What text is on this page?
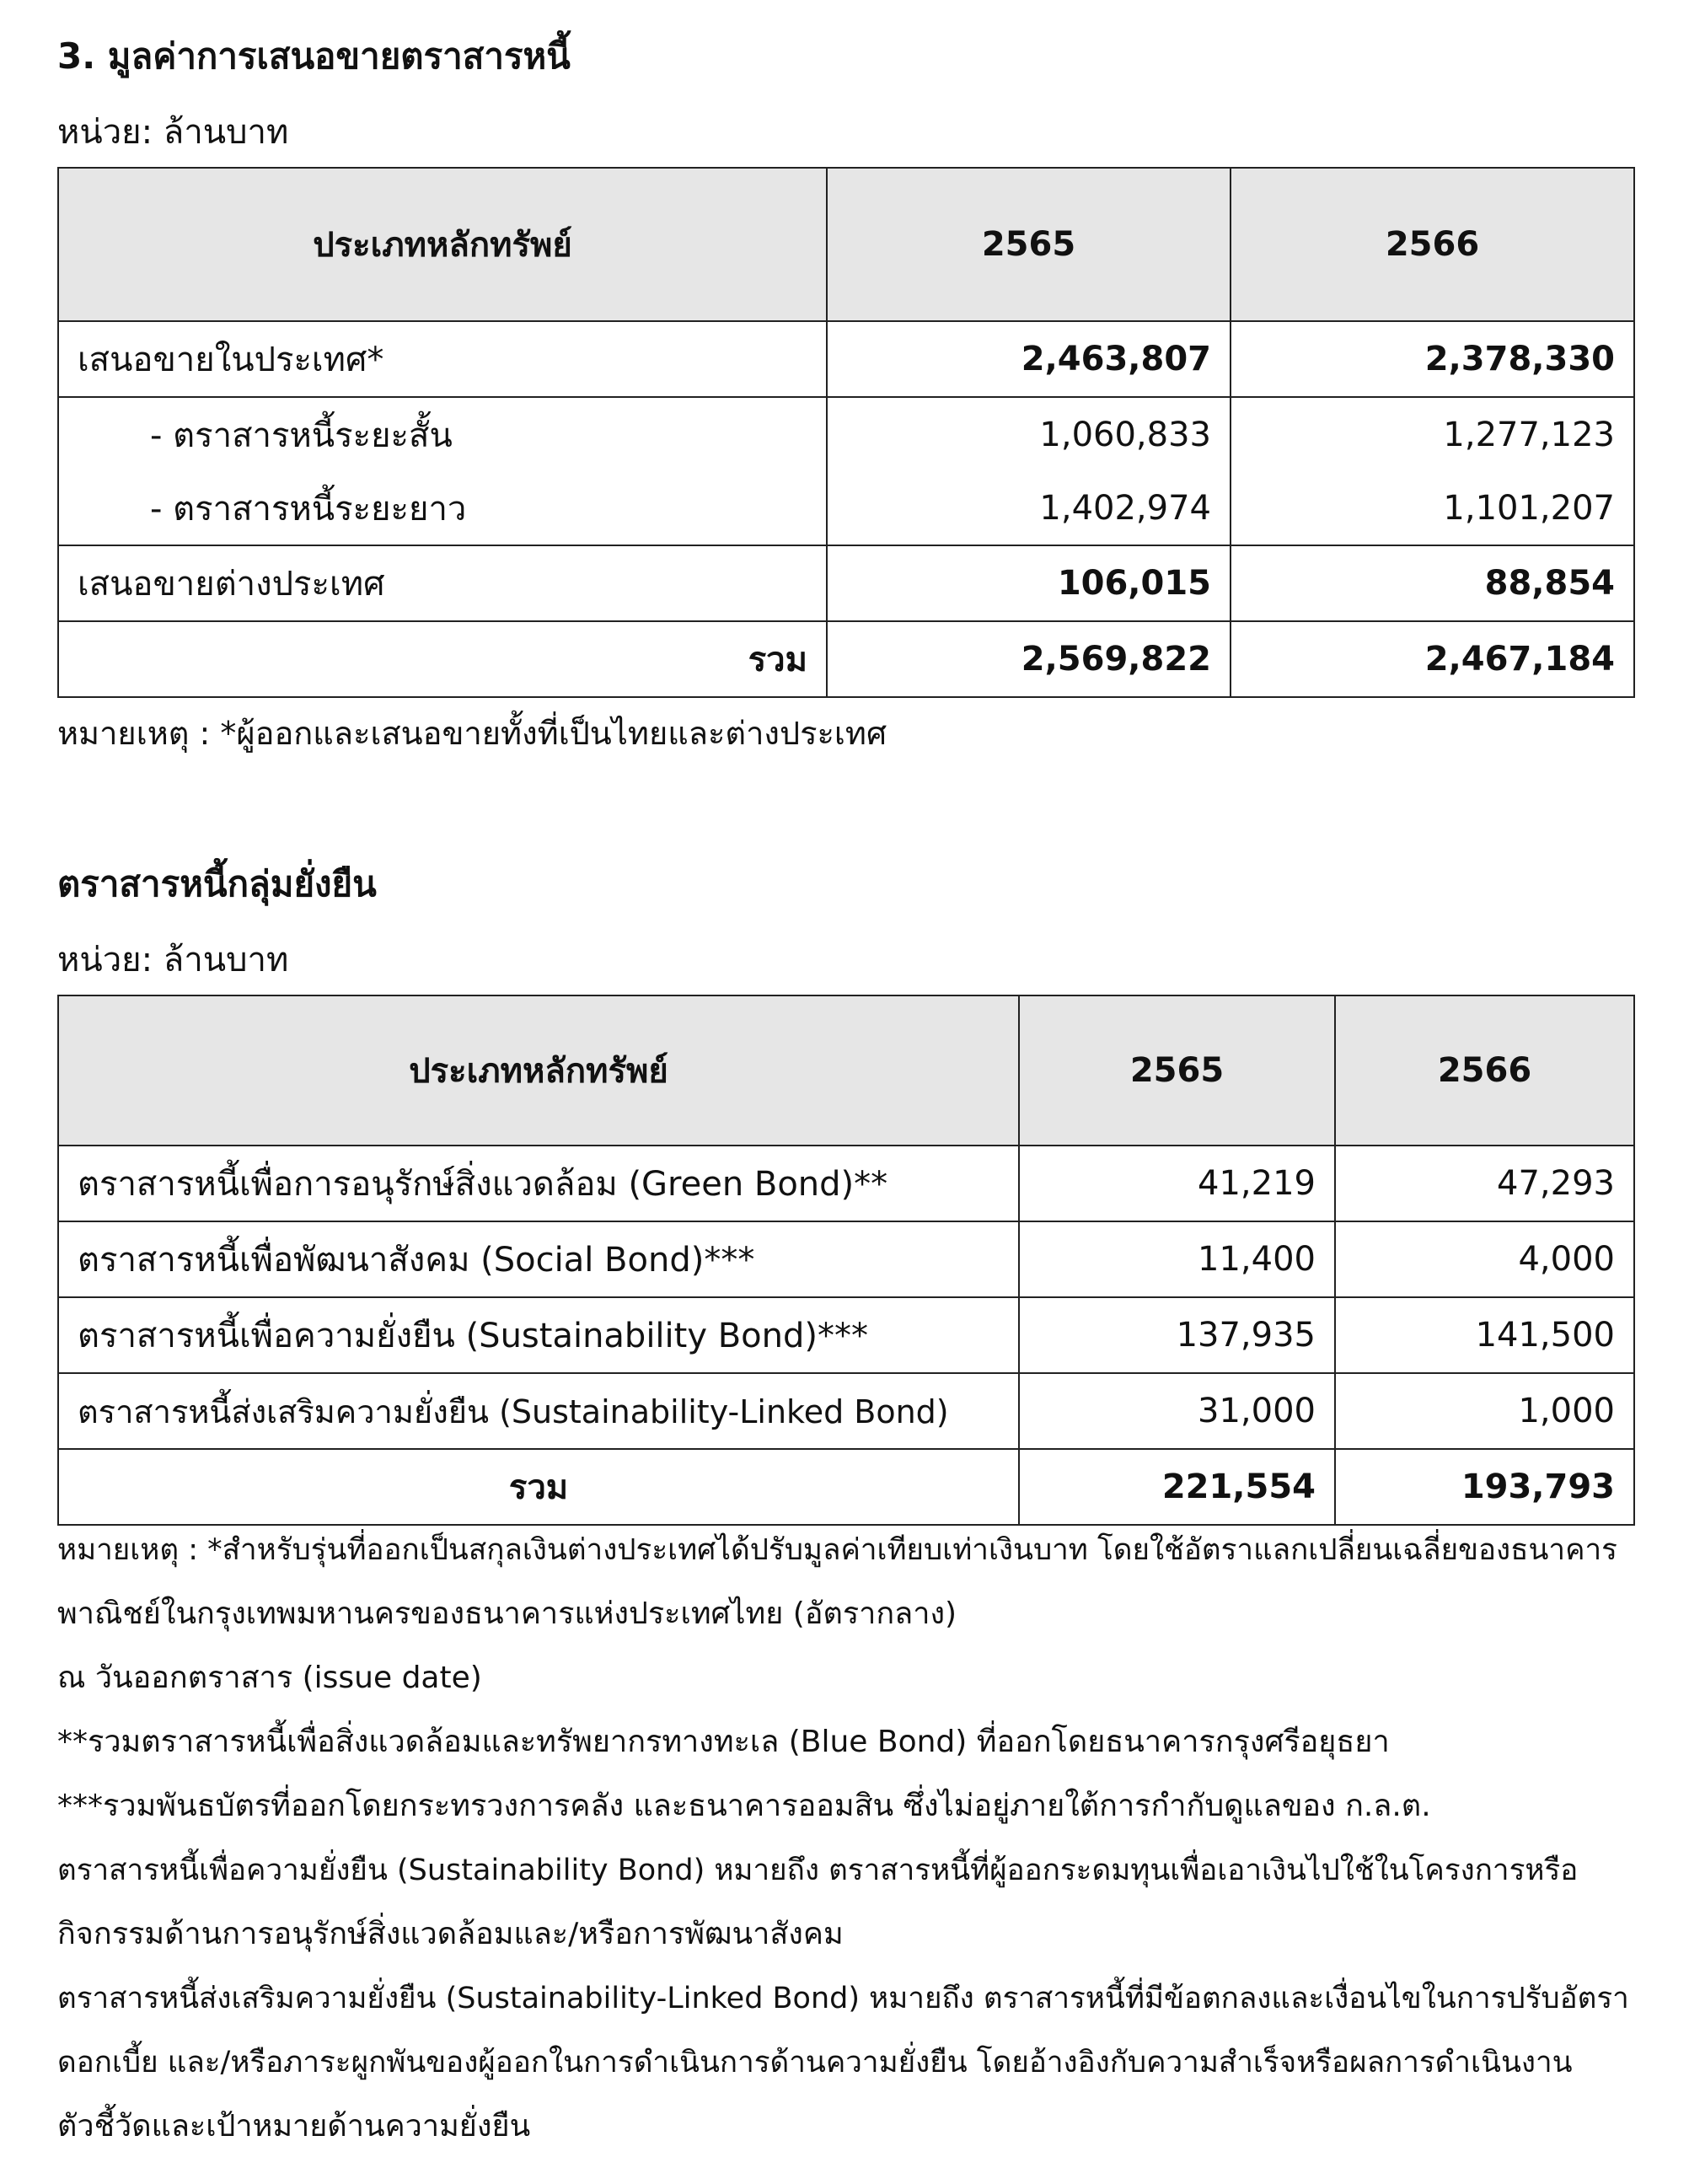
3. มูลค่าการเสนอขายตราสารหนี้
หน่วย: ล้านบาท
ประเภทหลักทรัพย์	2565	2566
เสนอขายในประเทศ*	2,463,807	2,378,330
- ตราสารหนี้ระยะสั้น	1,060,833	1,277,123
- ตราสารหนี้ระยะยาว	1,402,974	1,101,207
เสนอขายต่างประเทศ	106,015	88,854
รวม	2,569,822	2,467,184
หมายเหตุ : *ผู้ออกและเสนอขายทั้งที่เป็นไทยและต่างประเทศ
ตราสารหนี้กลุ่มยั่งยืน
หน่วย: ล้านบาท
ประเภทหลักทรัพย์	2565	2566
ตราสารหนี้เพื่อการอนุรักษ์สิ่งแวดล้อม (Green Bond)**	41,219	47,293
ตราสารหนี้เพื่อพัฒนาสังคม (Social Bond)***	11,400	4,000
ตราสารหนี้เพื่อความยั่งยืน (Sustainability Bond)***	137,935	141,500
ตราสารหนี้ส่งเสริมความยั่งยืน (Sustainability-Linked Bond)	31,000	1,000
รวม	221,554	193,793
หมายเหตุ : *สำหรับรุ่นที่ออกเป็นสกุลเงินต่างประเทศได้ปรับมูลค่าเทียบเท่าเงินบาท โดยใช้อัตราแลกเปลี่ยนเฉลี่ยของธนาคาร
พาณิชย์ในกรุงเทพมหานครของธนาคารแห่งประเทศไทย (อัตรากลาง)
ณ วันออกตราสาร (issue date)
**รวมตราสารหนี้เพื่อสิ่งแวดล้อมและทรัพยากรทางทะเล (Blue Bond) ที่ออกโดยธนาคารกรุงศรีอยุธยา
***รวมพันธบัตรที่ออกโดยกระทรวงการคลัง และธนาคารออมสิน ซึ่งไม่อยู่ภายใต้การกำกับดูแลของ ก.ล.ต.
ตราสารหนี้เพื่อความยั่งยืน (Sustainability Bond) หมายถึง ตราสารหนี้ที่ผู้ออกระดมทุนเพื่อเอาเงินไปใช้ในโครงการหรือ
กิจกรรมด้านการอนุรักษ์สิ่งแวดล้อมและ/หรือการพัฒนาสังคม
ตราสารหนี้ส่งเสริมความยั่งยืน (Sustainability-Linked Bond) หมายถึง ตราสารหนี้ที่มีข้อตกลงและเงื่อนไขในการปรับอัตรา
ดอกเบี้ย และ/หรือภาระผูกพันของผู้ออกในการดำเนินการด้านความยั่งยืน โดยอ้างอิงกับความสำเร็จหรือผลการดำเนินงาน
ตัวชี้วัดและเป้าหมายด้านความยั่งยืน
